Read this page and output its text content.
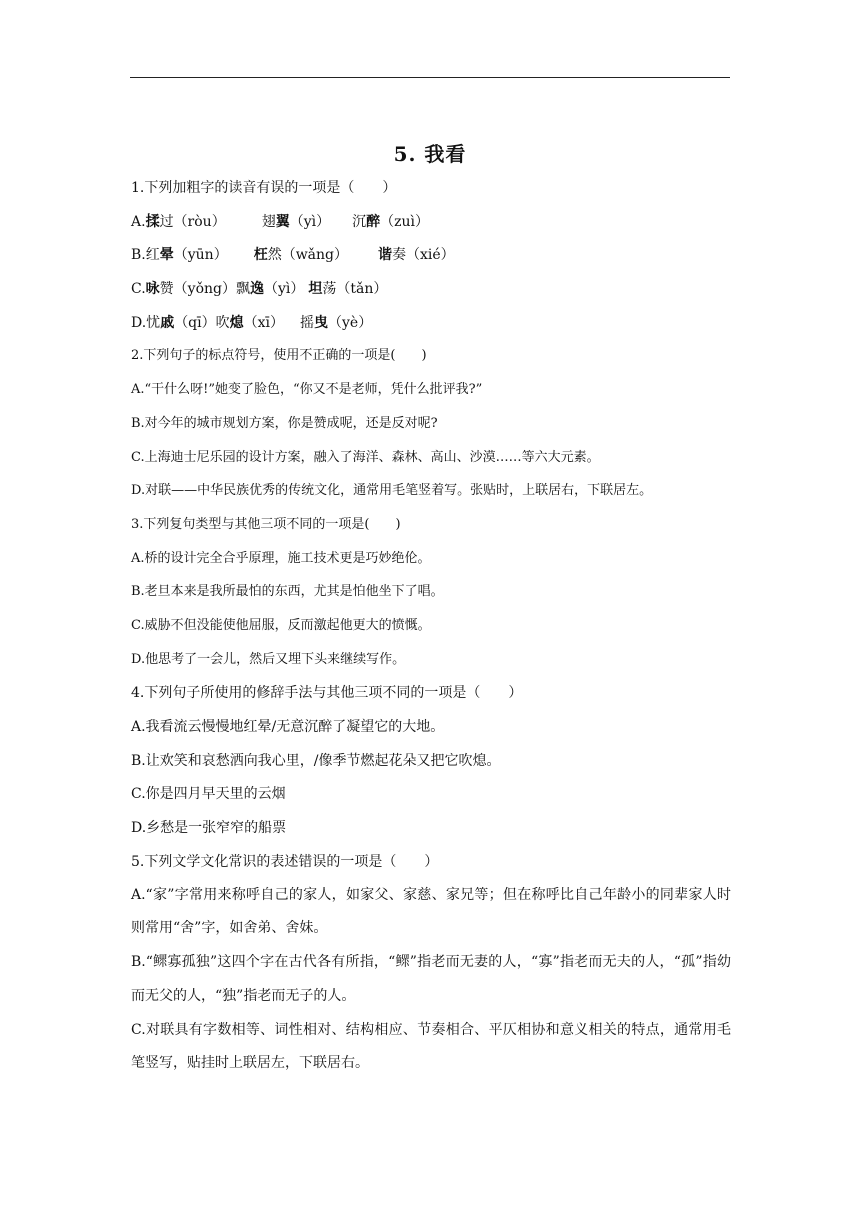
5. 我看
1.下列加粗字的读音有误的一项是（　　）
A.揉过（ròu）	翅翼（yì） 沉醉（zuì）
B.红晕（yūn） 枉然（wǎng） 谐奏（xié）
C.咏赞（yǒng）飘逸（yì） 坦荡（tǎn）
D.忧戚（qī）吹熄（xī） 摇曳（yè）
2.下列句子的标点符号，使用不正确的一项是(　　)
A.“干什么呀!”她变了脸色，“你又不是老师，凭什么批评我?”
B.对今年的城市规划方案，你是赞成呢，还是反对呢?
C.上海迪士尼乐园的设计方案，融入了海洋、森林、高山、沙漠……等六大元素。
D.对联——中华民族优秀的传统文化，通常用毛笔竖着写。张贴时，上联居右，下联居左。
3.下列复句类型与其他三项不同的一项是(　　)
A.桥的设计完全合乎原理，施工技术更是巧妙绝伦。
B.老旦本来是我所最怕的东西，尤其是怕他坐下了唱。
C.威胁不但没能使他屈服，反而激起他更大的愤慨。
D.他思考了一会儿，然后又埋下头来继续写作。
4.下列句子所使用的修辞手法与其他三项不同的一项是（　　）
A.我看流云慢慢地红晕/无意沉醉了凝望它的大地。
B.让欢笑和哀愁洒向我心里，/像季节燃起花朵又把它吹熄。
C.你是四月早天里的云烟
D.乡愁是一张窄窄的船票
5.下列文学文化常识的表述错误的一项是（　　）
A.“家”字常用来称呼自己的家人，如家父、家慈、家兄等；但在称呼比自己年龄小的同辈家人时则常用“舍”字，如舍弟、舍妹。
B.“鳏寡孤独”这四个字在古代各有所指，“鳏”指老而无妻的人，“寡”指老而无夫的人，“孤”指幼而无父的人，“独”指老而无子的人。
C.对联具有字数相等、词性相对、结构相应、节奏相合、平仄相协和意义相关的特点，通常用毛笔竖写，贴挂时上联居左，下联居右。
